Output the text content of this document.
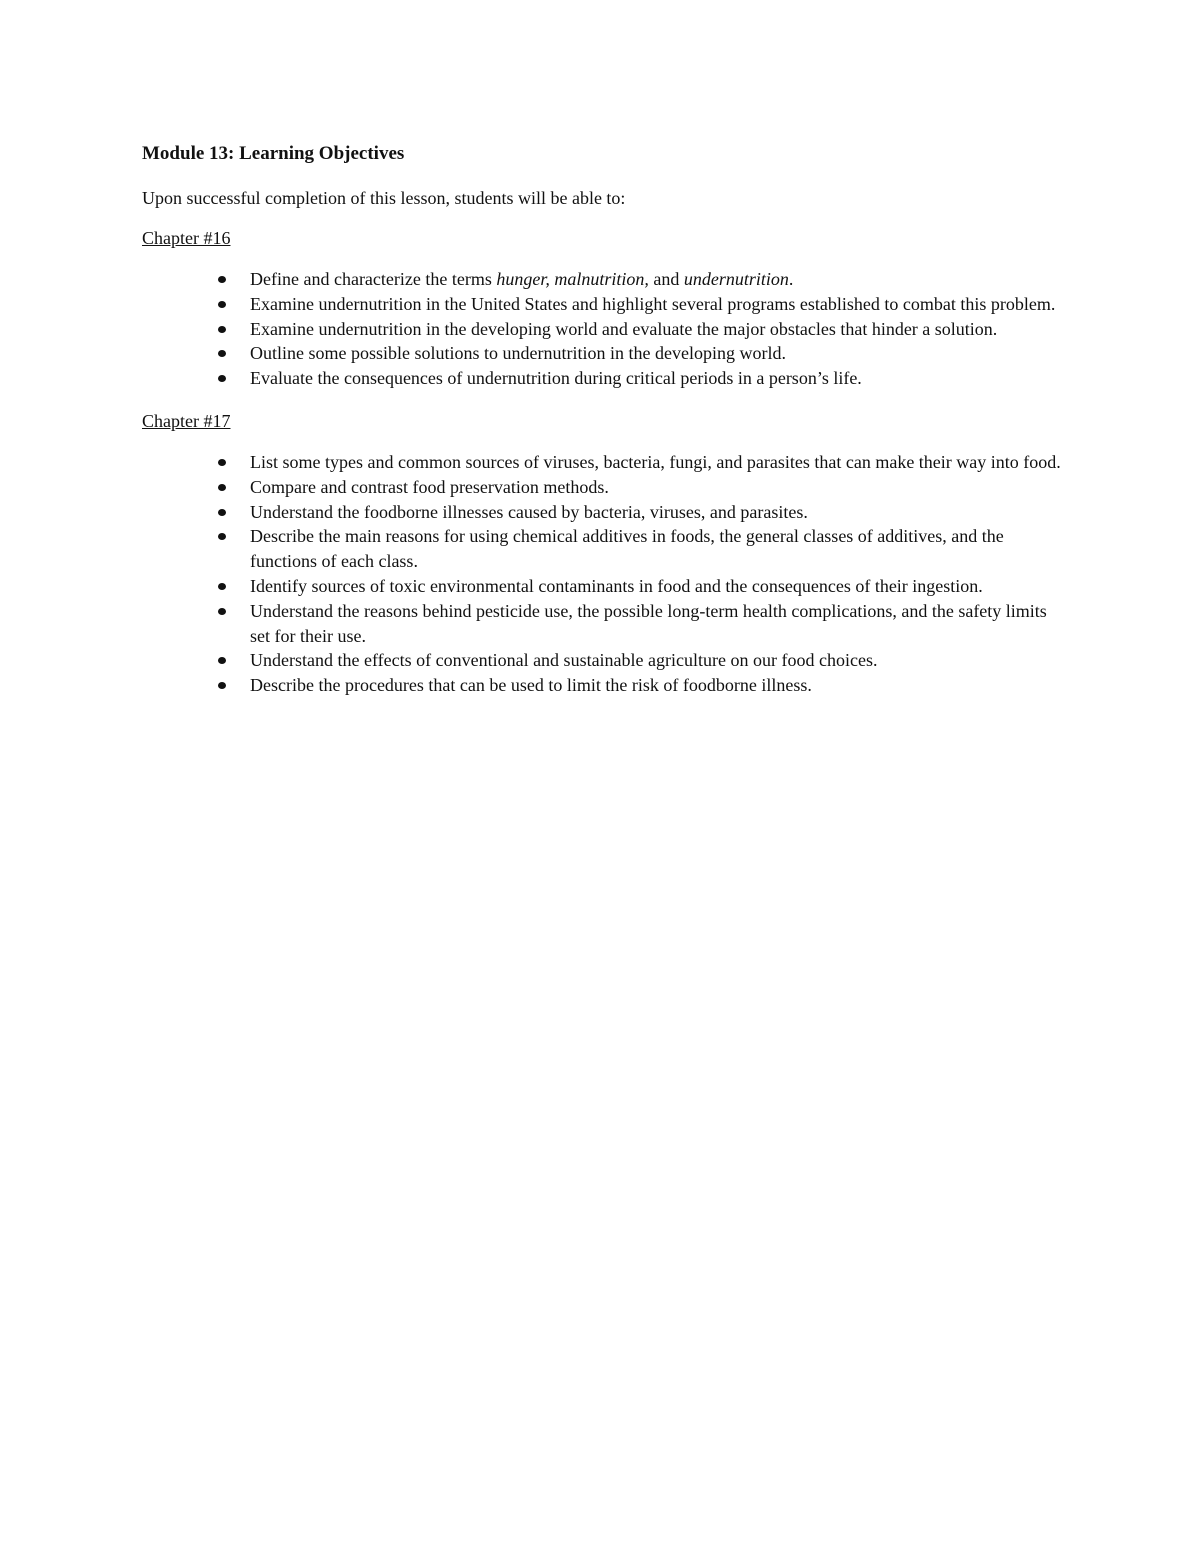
Module 13: Learning Objectives
Upon successful completion of this lesson, students will be able to:
Chapter #16
Define and characterize the terms hunger, malnutrition, and undernutrition.
Examine undernutrition in the United States and highlight several programs established to combat this problem.
Examine undernutrition in the developing world and evaluate the major obstacles that hinder a solution.
Outline some possible solutions to undernutrition in the developing world.
Evaluate the consequences of undernutrition during critical periods in a person’s life.
Chapter #17
List some types and common sources of viruses, bacteria, fungi, and parasites that can make their way into food.
Compare and contrast food preservation methods.
Understand the foodborne illnesses caused by bacteria, viruses, and parasites.
Describe the main reasons for using chemical additives in foods, the general classes of additives, and the functions of each class.
Identify sources of toxic environmental contaminants in food and the consequences of their ingestion.
Understand the reasons behind pesticide use, the possible long-term health complications, and the safety limits set for their use.
Understand the effects of conventional and sustainable agriculture on our food choices.
Describe the procedures that can be used to limit the risk of foodborne illness.
